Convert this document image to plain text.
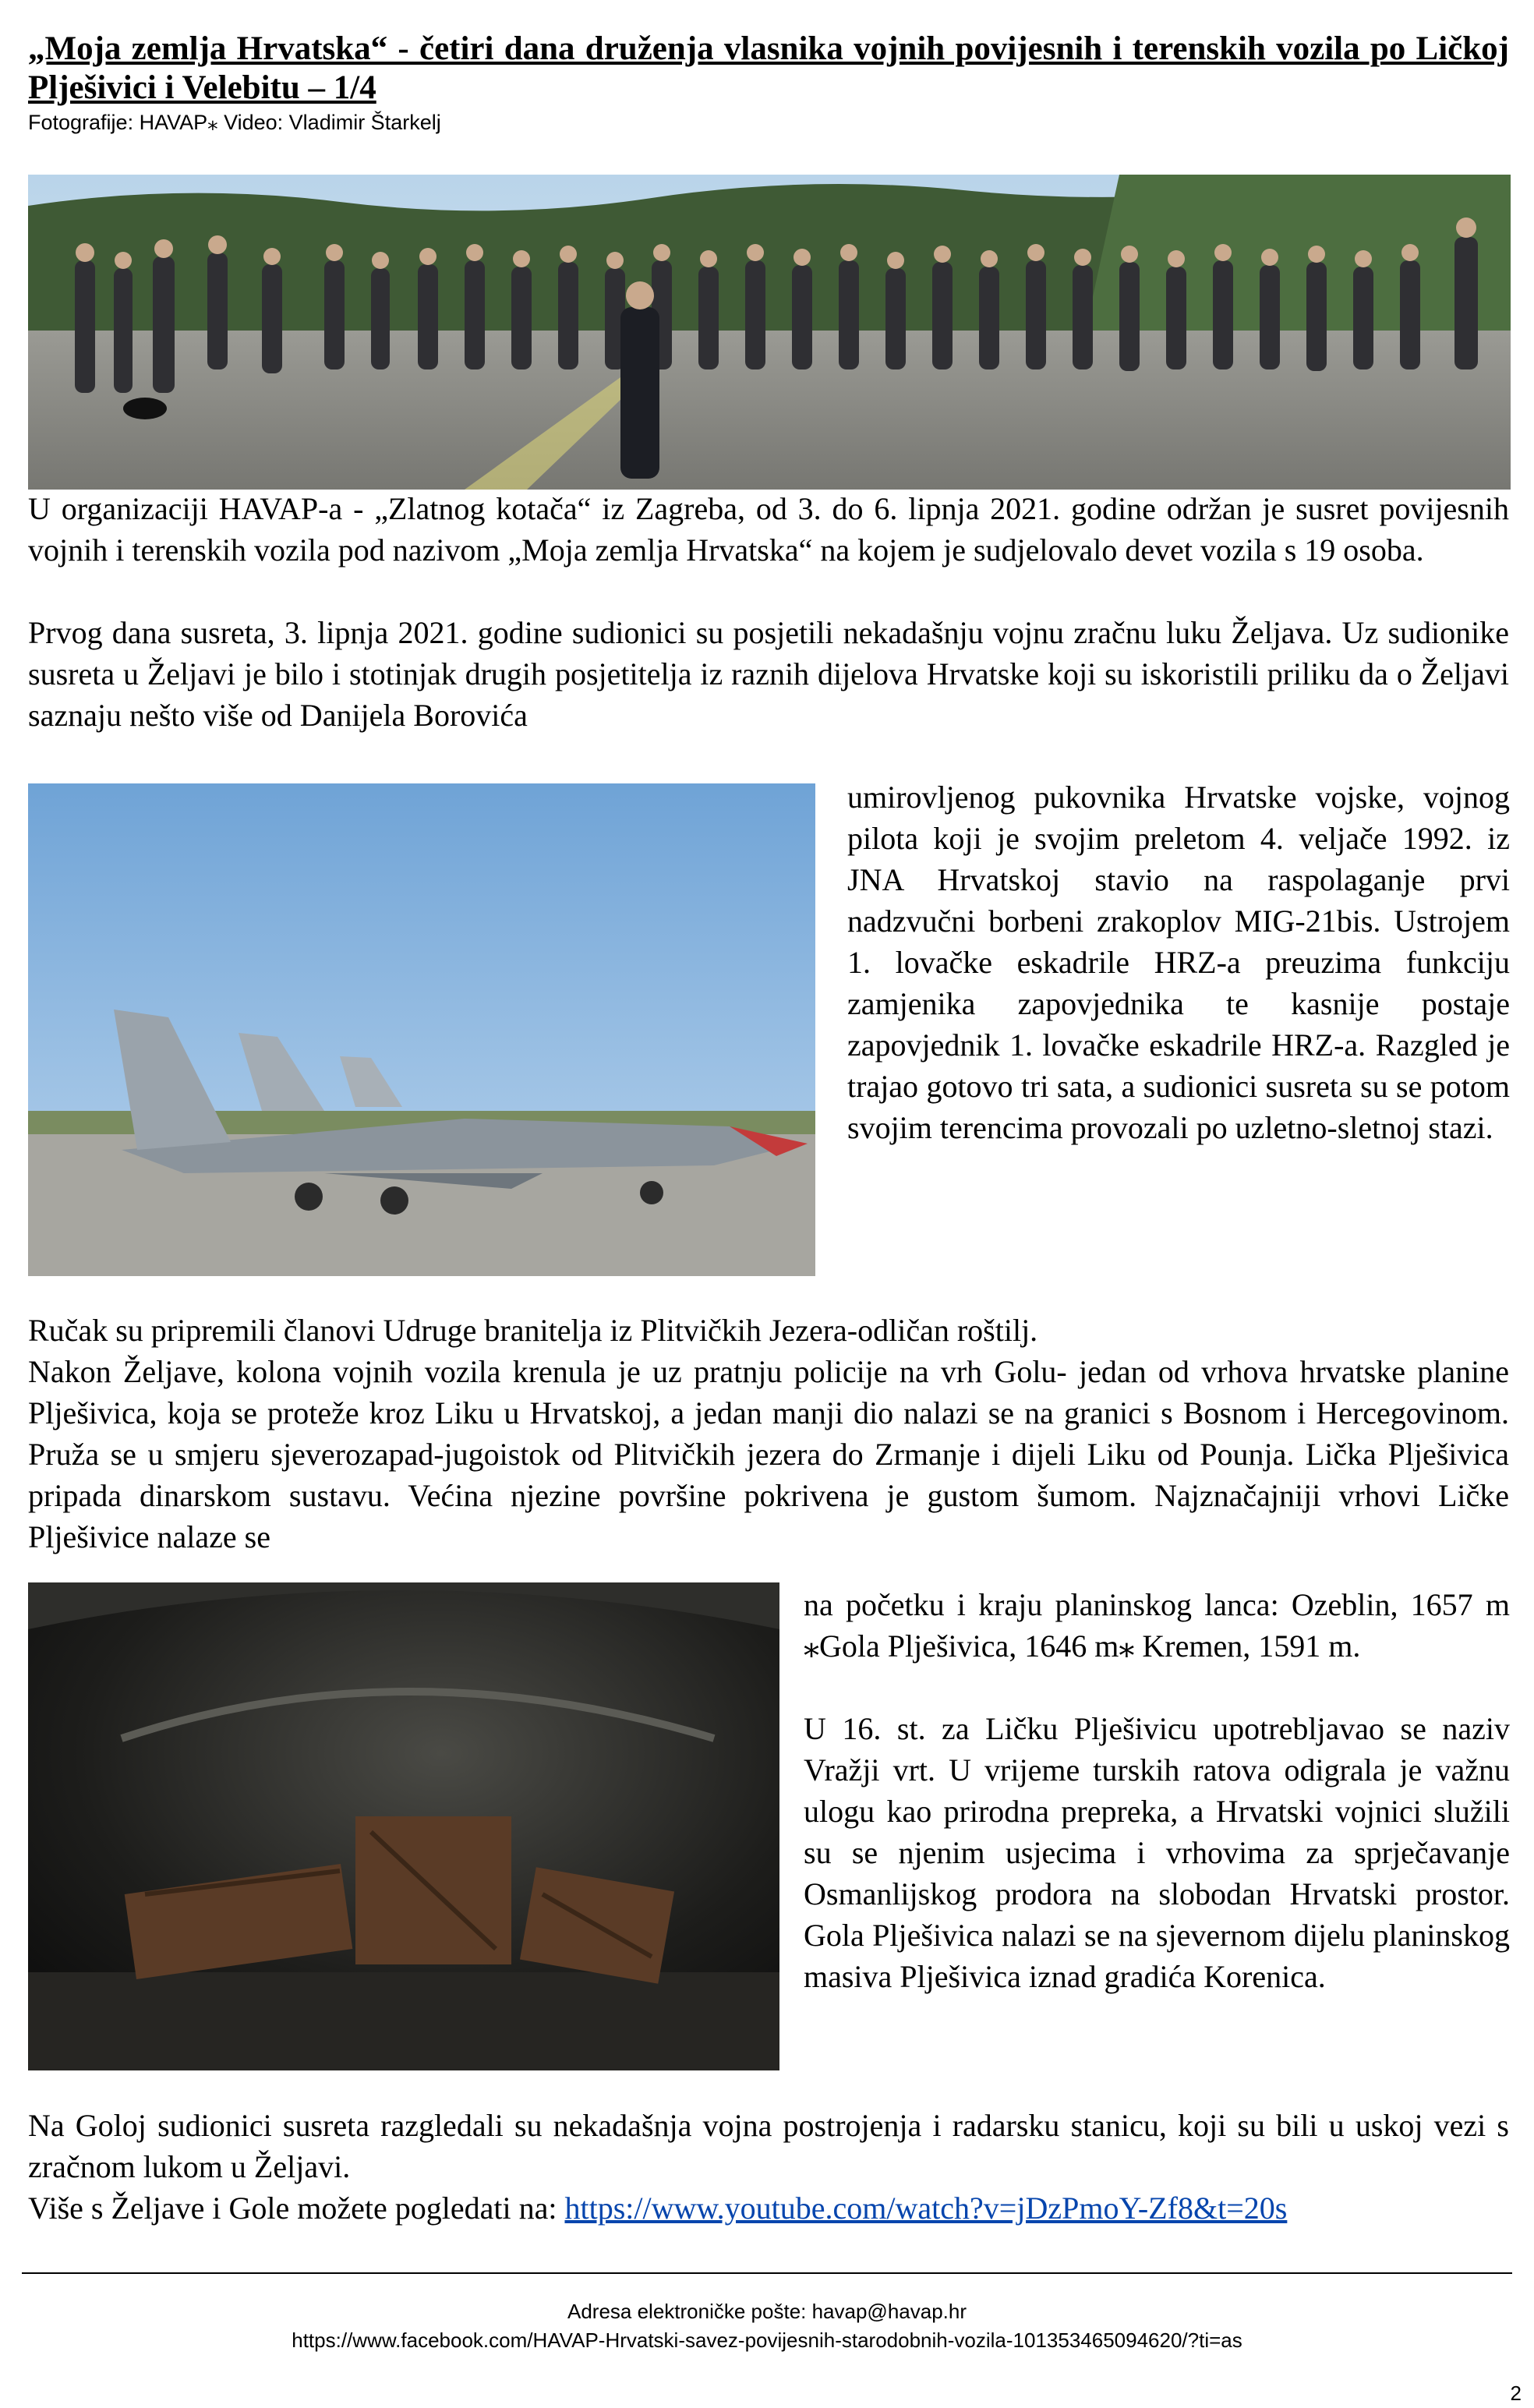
„Moja zemlja Hrvatska“ - četiri dana druženja vlasnika vojnih povijesnih i terenskih vozila po Ličkoj Plješivici i Velebitu – 1/4
Fotografije: HAVAP⁎ Video: Vladimir Štarkelj
U organizaciji HAVAP-a - „Zlatnog kotača“ iz Zagreba, od 3. do 6. lipnja 2021. godine održan je susret povijesnih vojnih i terenskih vozila pod nazivom „Moja zemlja Hrvatska“ na kojem je sudjelovalo devet vozila s 19 osoba.
Prvog dana susreta, 3. lipnja 2021. godine sudionici su posjetili nekadašnju vojnu zračnu luku Željava. Uz sudionike susreta u Željavi je bilo i stotinjak drugih posjetitelja iz raznih dijelova Hrvatske koji su iskoristili priliku da o Željavi saznaju nešto više od Danijela Borovića
umirovljenog pukovnika Hrvatske vojske, vojnog pilota koji je svojim preletom 4. veljače 1992. iz JNA Hrvatskoj stavio na raspolaganje prvi nadzvučni borbeni zrakoplov MIG-21bis. Ustrojem 1. lovačke eskadrile HRZ-a preuzima funkciju zamjenika zapovjednika te kasnije postaje zapovjednik 1. lovačke eskadrile HRZ-a. Razgled je trajao gotovo tri sata, a sudionici susreta su se potom svojim terencima provozali po uzletno-sletnoj stazi.
Ručak su pripremili članovi Udruge branitelja iz Plitvičkih Jezera-odličan roštilj.
Nakon Željave, kolona vojnih vozila krenula je uz pratnju policije na vrh Golu- jedan od vrhova hrvatske planine Plješivica, koja se proteže kroz Liku u Hrvatskoj, a jedan manji dio nalazi se na granici s Bosnom i Hercegovinom. Pruža se u smjeru sjeverozapad-jugoistok od Plitvičkih jezera do Zrmanje i dijeli Liku od Pounja. Lička Plješivica pripada dinarskom sustavu. Većina njezine površine pokrivena je gustom šumom. Najznačajniji vrhovi Ličke Plješivice nalaze se
na početku i kraju planinskog lanca: Ozeblin, 1657 m ⁎Gola Plješivica, 1646 m⁎ Kremen, 1591 m.
U 16. st. za Ličku Plješivicu upotrebljavao se naziv Vražji vrt. U vrijeme turskih ratova odigrala je važnu ulogu kao prirodna prepreka, a Hrvatski vojnici služili su se njenim usjecima i vrhovima za sprječavanje Osmanlijskog prodora na slobodan Hrvatski prostor. Gola Plješivica nalazi se na sjevernom dijelu planinskog masiva Plješivica iznad gradića Korenica.
Na Goloj sudionici susreta razgledali su nekadašnja vojna postrojenja i radarsku stanicu, koji su bili u uskoj vezi s zračnom lukom u Željavi.
Više s Željave i Gole možete pogledati na: https://www.youtube.com/watch?v=jDzPmoY-Zf8&t=20s
Adresa elektroničke pošte: havap@havap.hr
https://www.facebook.com/HAVAP-Hrvatski-savez-povijesnih-starodobnih-vozila-101353465094620/?ti=as
2
